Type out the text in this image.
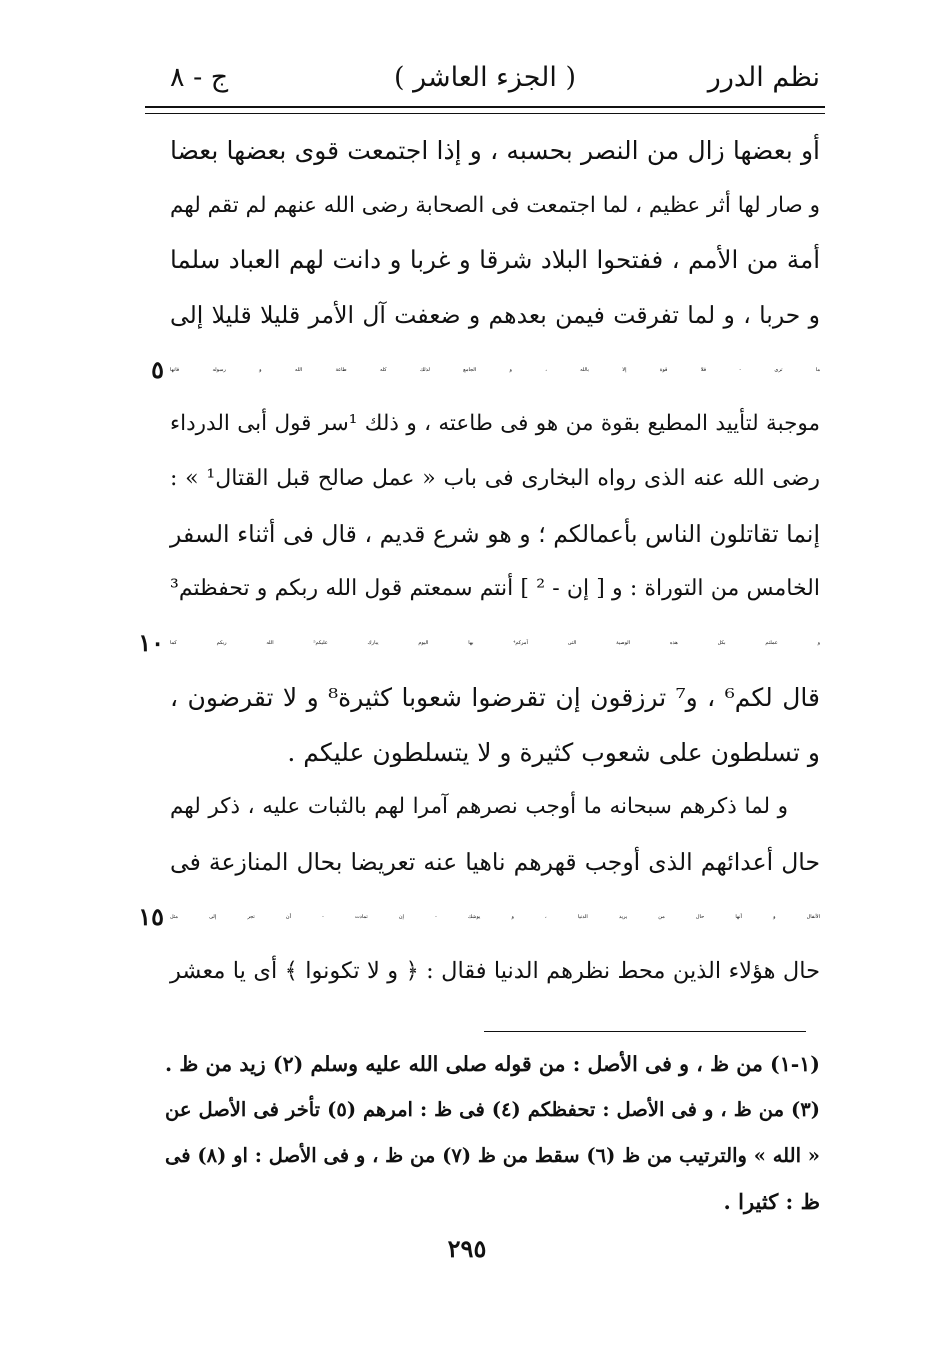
نظم الدرر
( الجزء العاشر )
ج - ٨
أو بعضها زال من النصر بحسبه ، و إذا اجتمعت قوى بعضها بعضا
و صار لها أثر عظيم ، لما اجتمعت فى الصحابة رضى الله عنهم لم تقم لهم
أمة من الأمم ، ففتحوا البلاد شرقا و غربا و دانت لهم العباد سلما
و حربا ، و لما تفرقت فيمن بعدهم و ضعفت آل الأمر قليلا قليلا إلى
ما ترى - فلا قوة إلا بالله ، و الجامع لذلك كله طاعة الله و رسوله فانها
٥
موجبة لتأييد المطيع بقوة من هو فى طاعته ، و ذلك ¹سر قول أبى الدرداء
رضى الله عنه الذى رواه البخارى فى باب « عمل صالح قبل القتال¹ » :
إنما تقاتلون الناس بأعمالكم ؛ و هو شرع قديم ، قال فى أثناء السفر
الخامس من التوراة : و [ إن - ² ] أنتم سمعتم قول الله ربكم و تحفظتم³
و عملتم بكل هذه الوصية التى آمركم⁴ بها اليوم يبارك عليكم⁵ الله ربكم كما
١٠
قال لكم⁶ ، و⁷ ترزقون إن تقرضوا شعوبا كثيرة⁸ و لا تقرضون ،
و تسلطون على شعوب كثيرة و لا يتسلطون عليكم .
و لما ذكرهم سبحانه ما أوجب نصرهم آمرا لهم بالثبات عليه ، ذكر لهم
حال أعدائهم الذى أوجب قهرهم ناهيا عنه تعريضا بحال المنازعة فى
الأنفال و أنها حال من يريد الدنيا ، و يوشك - إن تمادت - أن تجر إلى مثل
١٥
حال هؤلاء الذين محط نظرهم الدنيا فقال : ﴿ و لا تكونوا ﴾ أى يا معشر
(١-١) من ظ ، و فى الأصل : من قوله صلى الله عليه وسلم (٢) زيد من ظ .
(٣) من ظ ، و فى الأصل : تحفظكم (٤) فى ظ : امرهم (٥) تأخر فى الأصل عن
« الله » والترتيب من ظ (٦) سقط من ظ (٧) من ظ ، و فى الأصل : او (٨) فى
ظ : كثيرا .
٢٩٥
